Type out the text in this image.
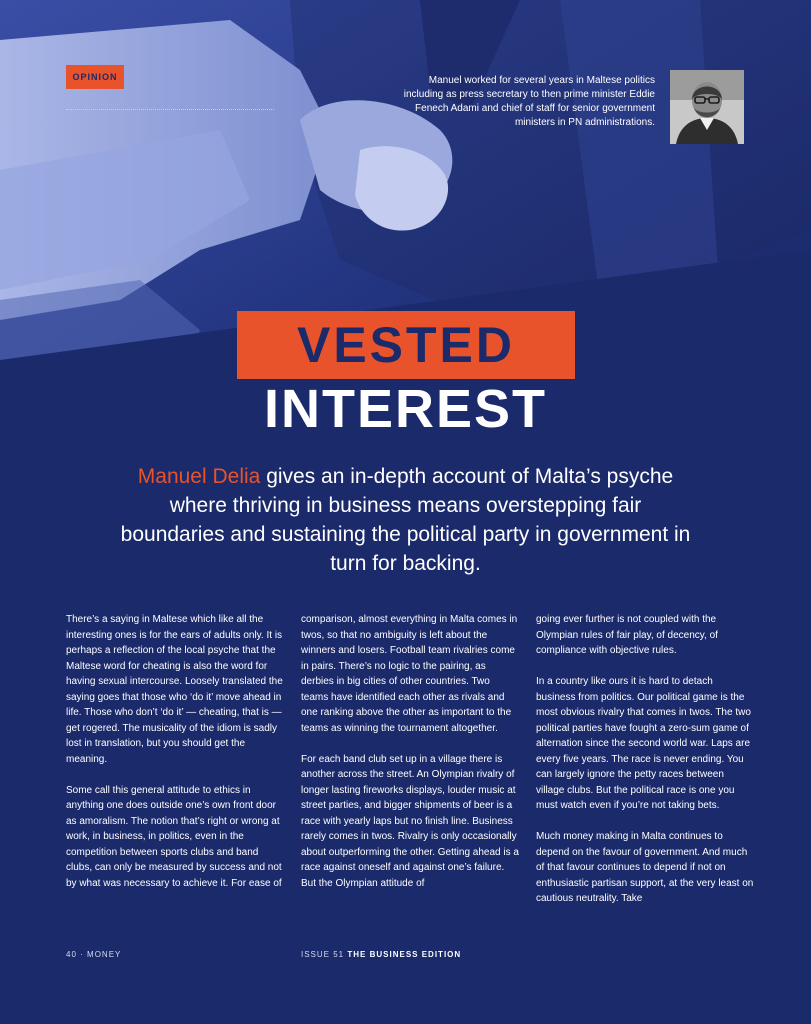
OPINION	Manuel worked for several years in Maltese politics including as press secretary to then prime minister Eddie Fenech Adami and chief of staff for senior government ministers in PN administrations.
VESTED
INTEREST
Manuel Delia gives an in-depth account of Malta’s psyche where thriving in business means overstepping fair boundaries and sustaining the political party in government in turn for backing.

There’s a saying in Maltese which like all the interesting ones is for the ears of adults only. It is perhaps a reflection of the local psyche that the Maltese word for cheating is also the word for having sexual intercourse. Loosely translated the saying goes that those who ‘do it’ move ahead in life. Those who don’t ‘do it’ — cheating, that is — get rogered. The musicality of the idiom is sadly lost in translation, but you should get the meaning.

Some call this general attitude to ethics in anything one does outside one’s own front door as amoralism. The notion that’s right or wrong at work, in business, in politics, even in the competition between sports clubs and band clubs, can only be measured by success and not by what was necessary to achieve it. For ease of

comparison, almost everything in Malta comes in twos, so that no ambiguity is left about the winners and losers. Football team rivalries come in pairs. There’s no logic to the pairing, as derbies in big cities of other countries. Two teams have identified each other as rivals and one ranking above the other as important to the teams as winning the tournament altogether.

For each band club set up in a village there is another across the street. An Olympian rivalry of longer lasting fireworks displays, louder music at street parties, and bigger shipments of beer is a race with yearly laps but no finish line. Business rarely comes in twos. Rivalry is only occasionally about outperforming the other. Getting ahead is a race against oneself and against one’s failure. But the Olympian attitude of

going ever further is not coupled with the Olympian rules of fair play, of decency, of compliance with objective rules.

In a country like ours it is hard to detach business from politics. Our political game is the most obvious rivalry that comes in twos. The two political parties have fought a zero-sum game of alternation since the second world war. Laps are every five years. The race is never ending. You can largely ignore the petty races between village clubs. But the political race is one you must watch even if you’re not taking bets.

Much money making in Malta continues to depend on the favour of government. And much of that favour continues to depend if not on enthusiastic partisan support, at the very least on cautious neutrality. Take

40 · MONEY	ISSUE 51 THE BUSINESS EDITION
